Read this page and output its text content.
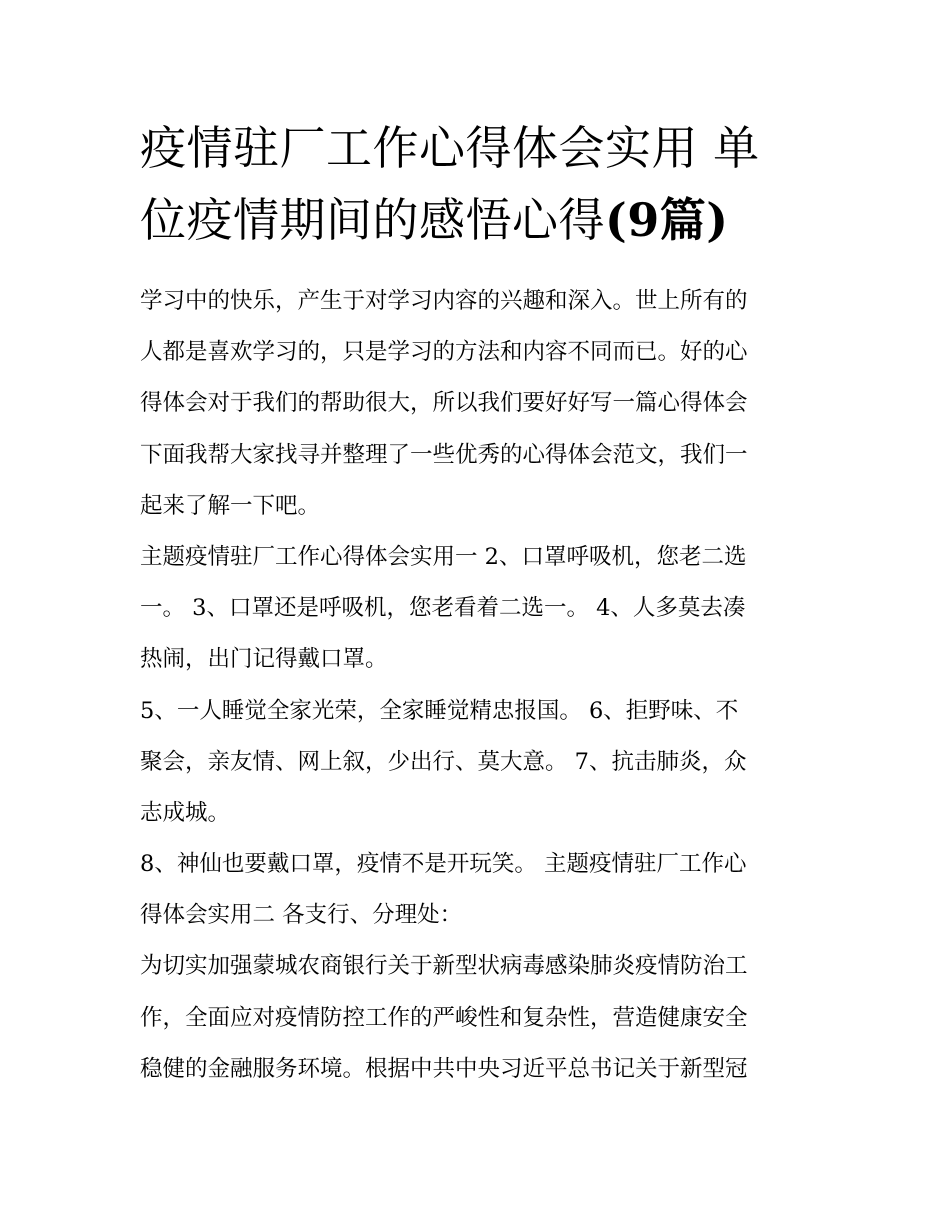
疫情驻厂工作心得体会实用 单
位疫情期间的感悟心得(9篇)
学习中的快乐，产生于对学习内容的兴趣和深入。世上所有的
人都是喜欢学习的，只是学习的方法和内容不同而已。好的心
得体会对于我们的帮助很大，所以我们要好好写一篇心得体会
下面我帮大家找寻并整理了一些优秀的心得体会范文，我们一
起来了解一下吧。
主题疫情驻厂工作心得体会实用一 2、口罩呼吸机，您老二选
一。 3、口罩还是呼吸机，您老看着二选一。 4、人多莫去凑
热闹，出门记得戴口罩。
5、一人睡觉全家光荣，全家睡觉精忠报国。 6、拒野味、不
聚会，亲友情、网上叙，少出行、莫大意。 7、抗击肺炎，众
志成城。
8、神仙也要戴口罩，疫情不是开玩笑。 主题疫情驻厂工作心
得体会实用二 各支行、分理处：
为切实加强蒙城农商银行关于新型状病毒感染肺炎疫情防治工
作，全面应对疫情防控工作的严峻性和复杂性，营造健康安全
稳健的金融服务环境。根据中共中央习近平总书记关于新型冠
